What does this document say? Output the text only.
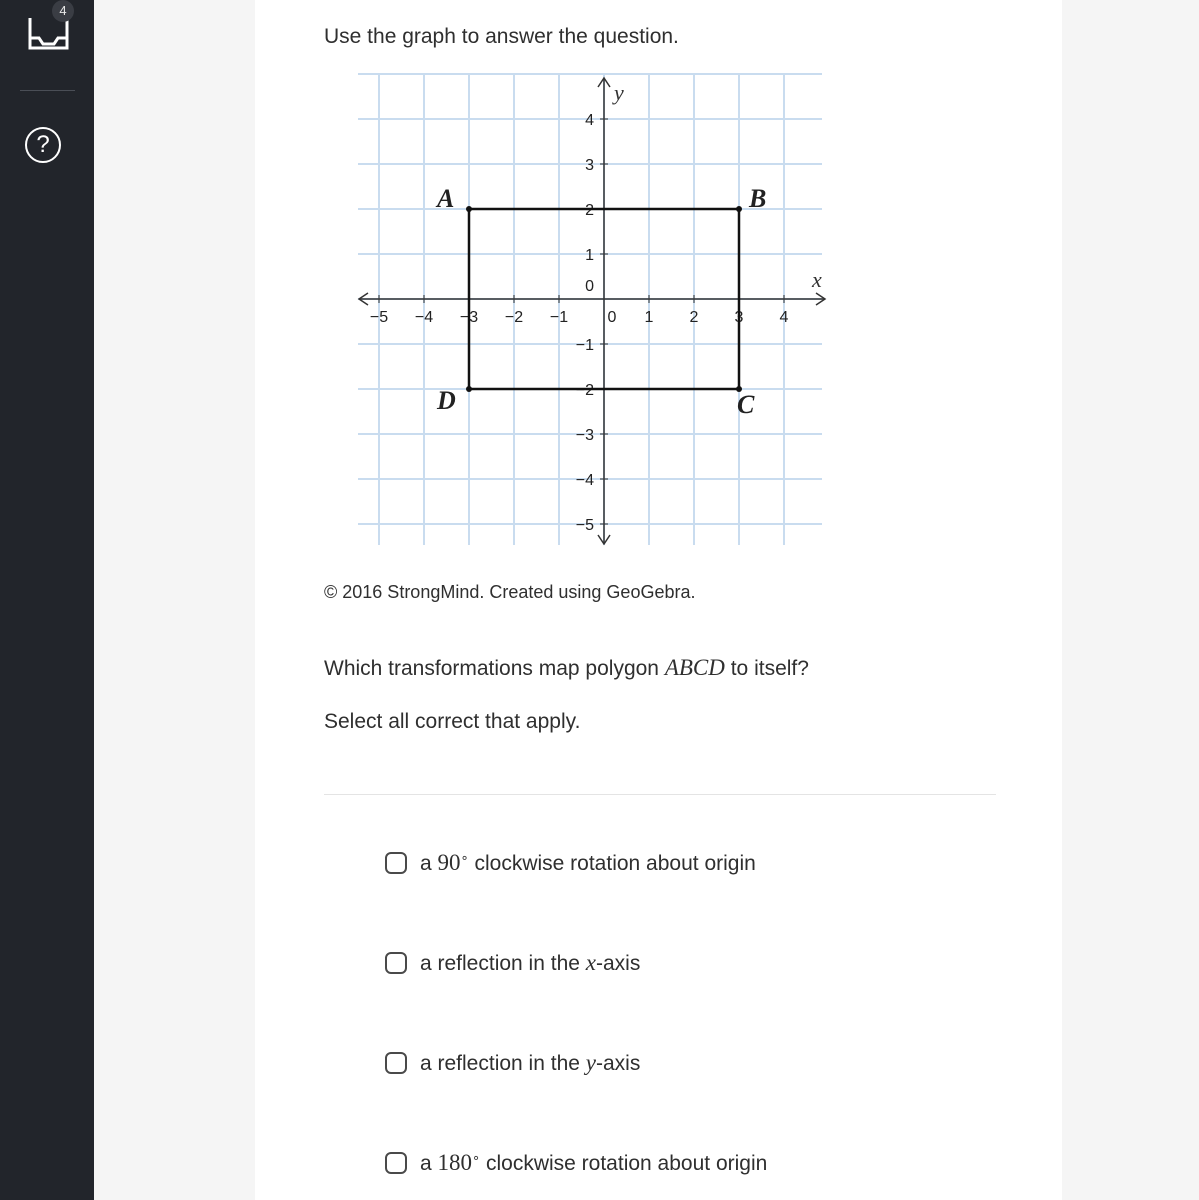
4
?
Use the graph to answer the question.
x
y
−5 −4 −3 −2 −1 0 1 2 3 4
4
3
2
1
0
−1
−2
−3
−4
−5
A	B
C
D
© 2016 StrongMind. Created using GeoGebra.
Which transformations map polygon ABCD to itself?
Select all correct that apply.
a 90∘ clockwise rotation about origin
a reflection in the x-axis
a reflection in the y-axis
a 180∘ clockwise rotation about origin
